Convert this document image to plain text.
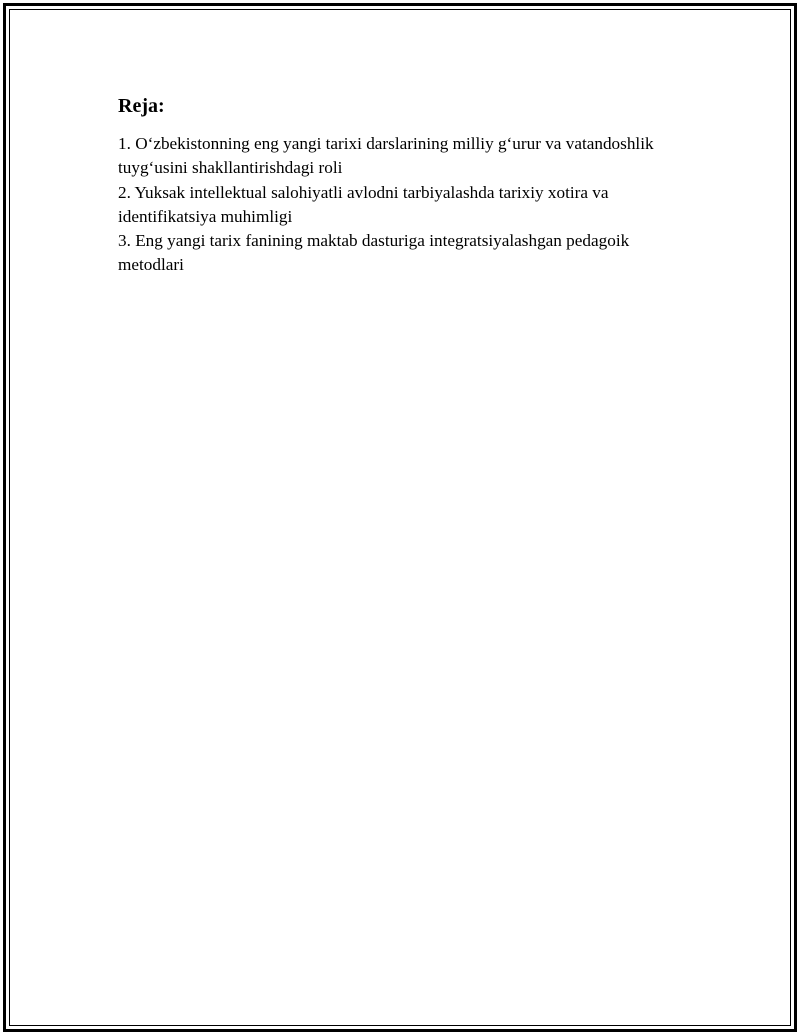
Reja:
1. O‘zbekistonning eng yangi tarixi darslarining milliy g‘urur va vatandoshlik tuyg‘usini shakllantirishdagi roli
2. Yuksak intellektual salohiyatli avlodni tarbiyalashda tarixiy xotira va identifikatsiya muhimligi
3. Eng yangi tarix fanining maktab dasturiga integratsiyalashgan pedagoik metodlari
